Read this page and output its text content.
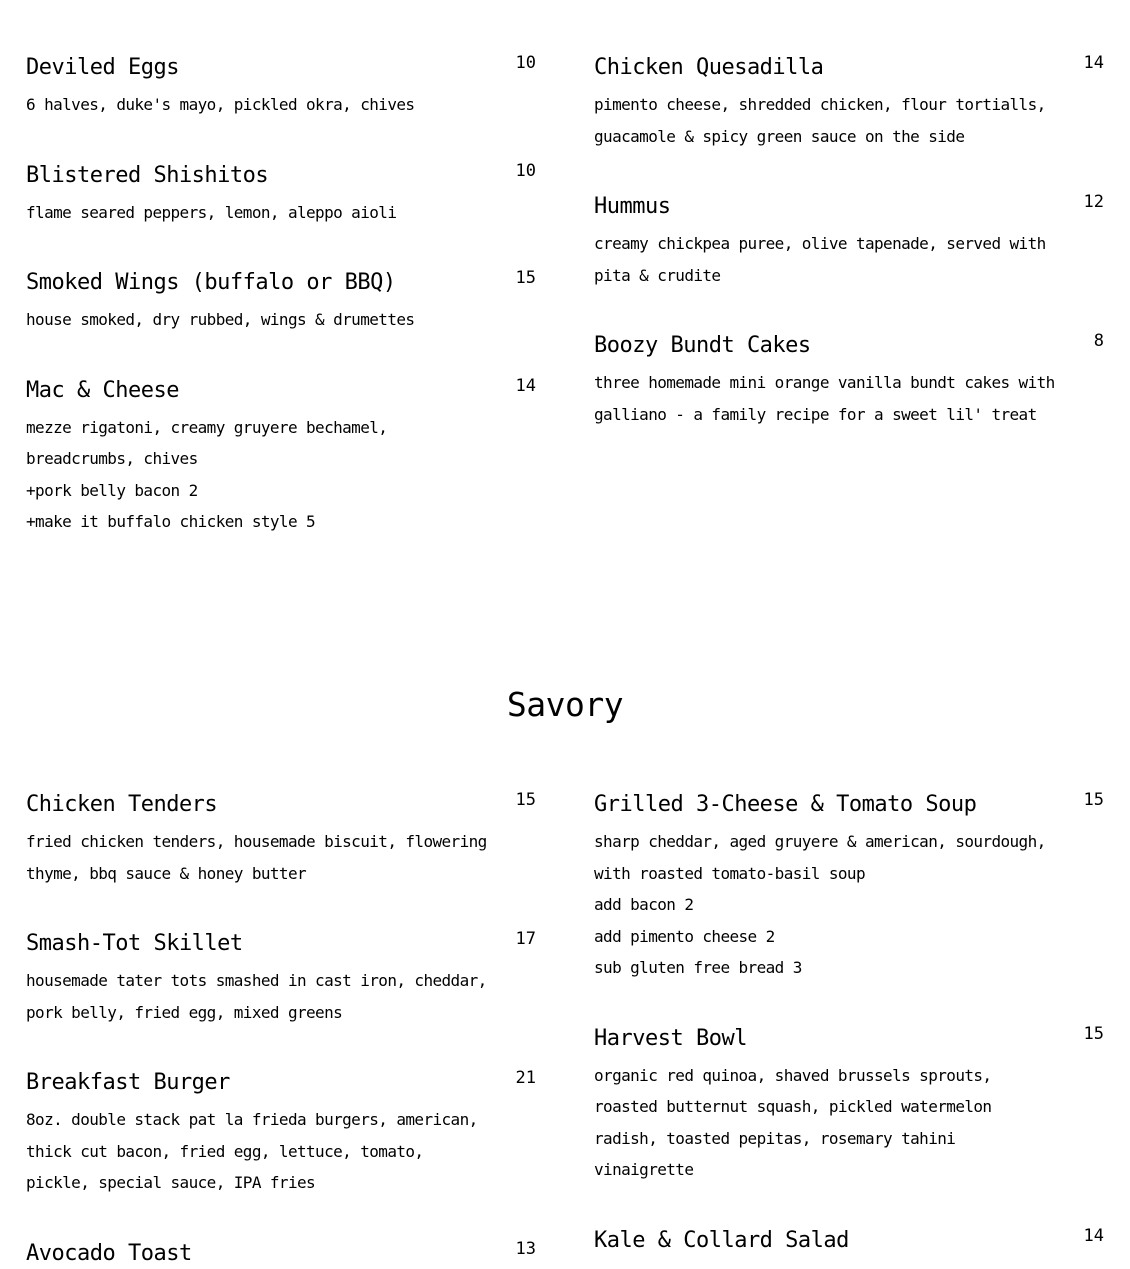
Deviled Eggs	10
6 halves, duke's mayo, pickled okra, chives
Blistered Shishitos	10
flame seared peppers, lemon, aleppo aioli
Smoked Wings (buffalo or BBQ)	15
house smoked, dry rubbed, wings & drumettes
Mac & Cheese	14
mezze rigatoni, creamy gruyere bechamel,
breadcrumbs, chives
+pork belly bacon 2
+make it buffalo chicken style 5
Chicken Quesadilla	14
pimento cheese, shredded chicken, flour tortialls,
guacamole & spicy green sauce on the side
Hummus	12
creamy chickpea puree, olive tapenade, served with
pita & crudite
Boozy Bundt Cakes	8
three homemade mini orange vanilla bundt cakes with
galliano - a family recipe for a sweet lil' treat
Savory
Chicken Tenders	15
fried chicken tenders, housemade biscuit, flowering
thyme, bbq sauce & honey butter
Smash-Tot Skillet	17
housemade tater tots smashed in cast iron, cheddar,
pork belly, fried egg, mixed greens
Breakfast Burger	21
8oz. double stack pat la frieda burgers, american,
thick cut bacon, fried egg, lettuce, tomato,
pickle, special sauce, IPA fries
Avocado Toast	13
Grilled 3-Cheese & Tomato Soup	15
sharp cheddar, aged gruyere & american, sourdough,
with roasted tomato-basil soup
add bacon 2
add pimento cheese 2
sub gluten free bread 3
Harvest Bowl	15
organic red quinoa, shaved brussels sprouts,
roasted butternut squash, pickled watermelon
radish, toasted pepitas, rosemary tahini
vinaigrette
Kale & Collard Salad	14
